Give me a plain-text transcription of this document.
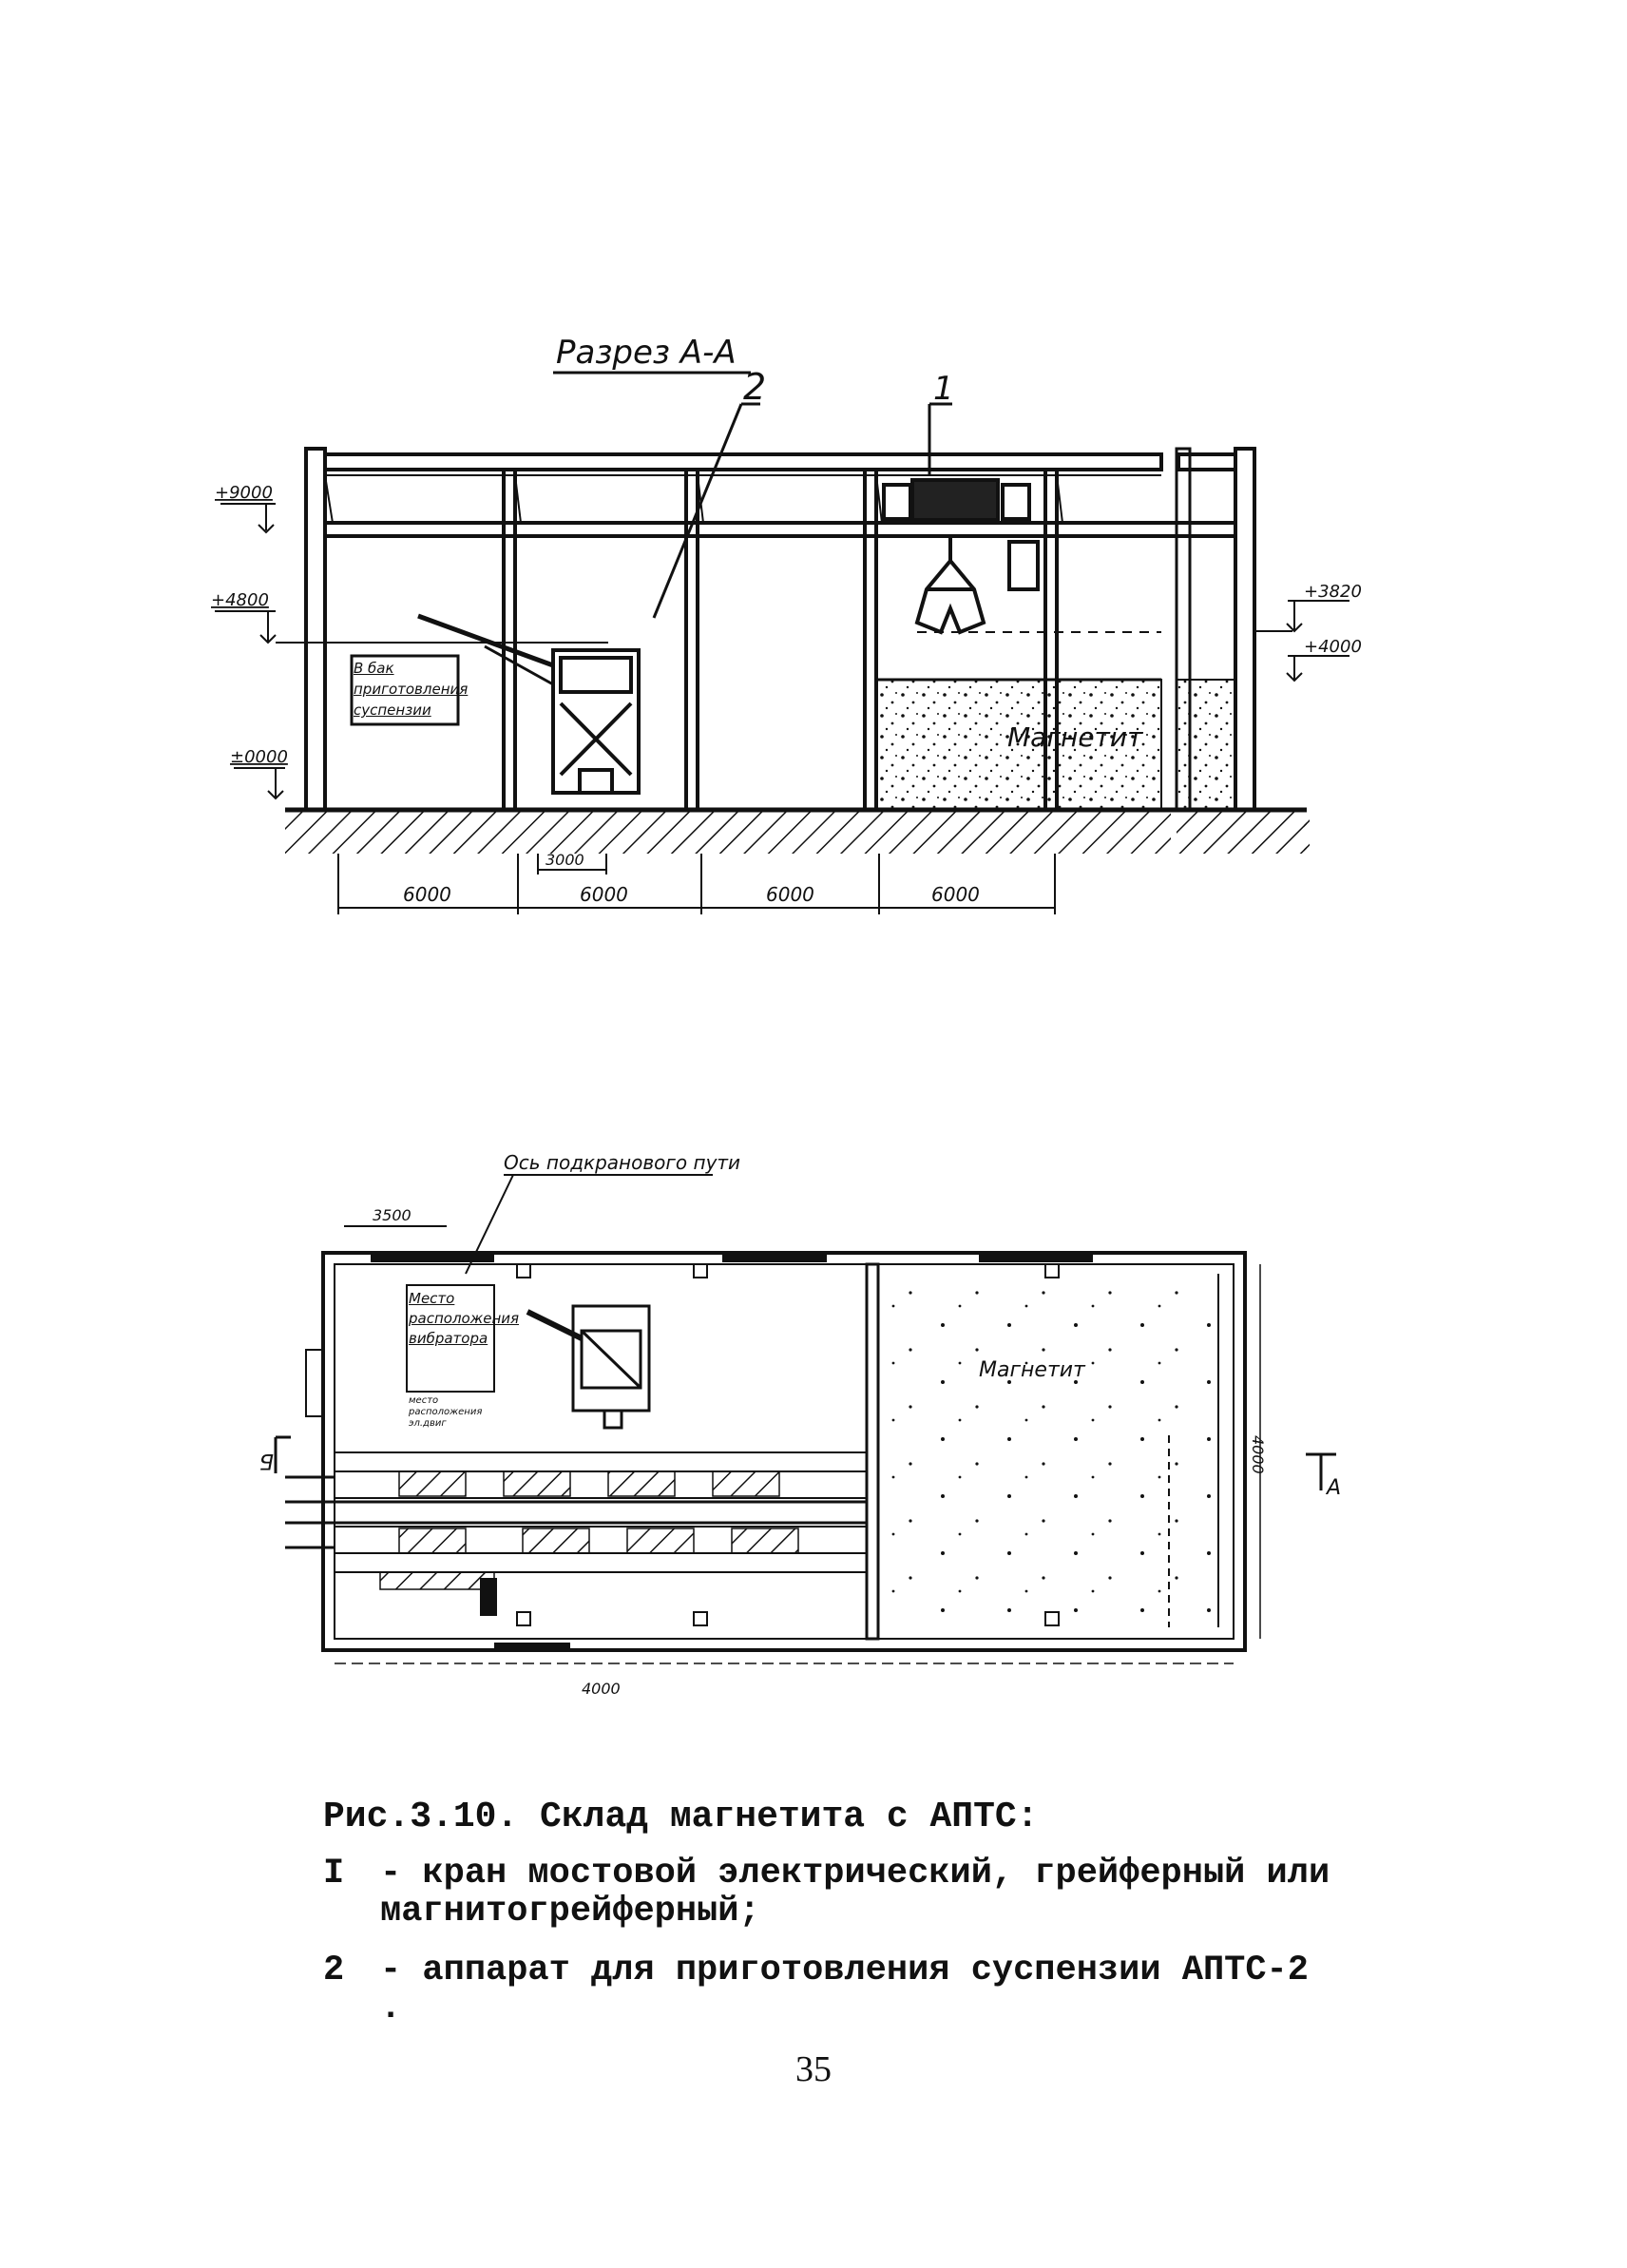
Разрез А-А
1
Магнетит
2
В бак приготовления суспензии
+9000
+4800
±0000
+3820
+4000
3000
6000	6000	6000	6000
Ось подкранового пути
3500
Магнетит
Место расположения вибратора
место расположения эл.двиг
4000
4000
Б
А
Рис.3.10. Склад магнетита с АПТС:
I	- кран мостовой электрический, грейферный или магнитогрейферный;
2	- аппарат для приготовления суспензии АПТС-2 .
35
